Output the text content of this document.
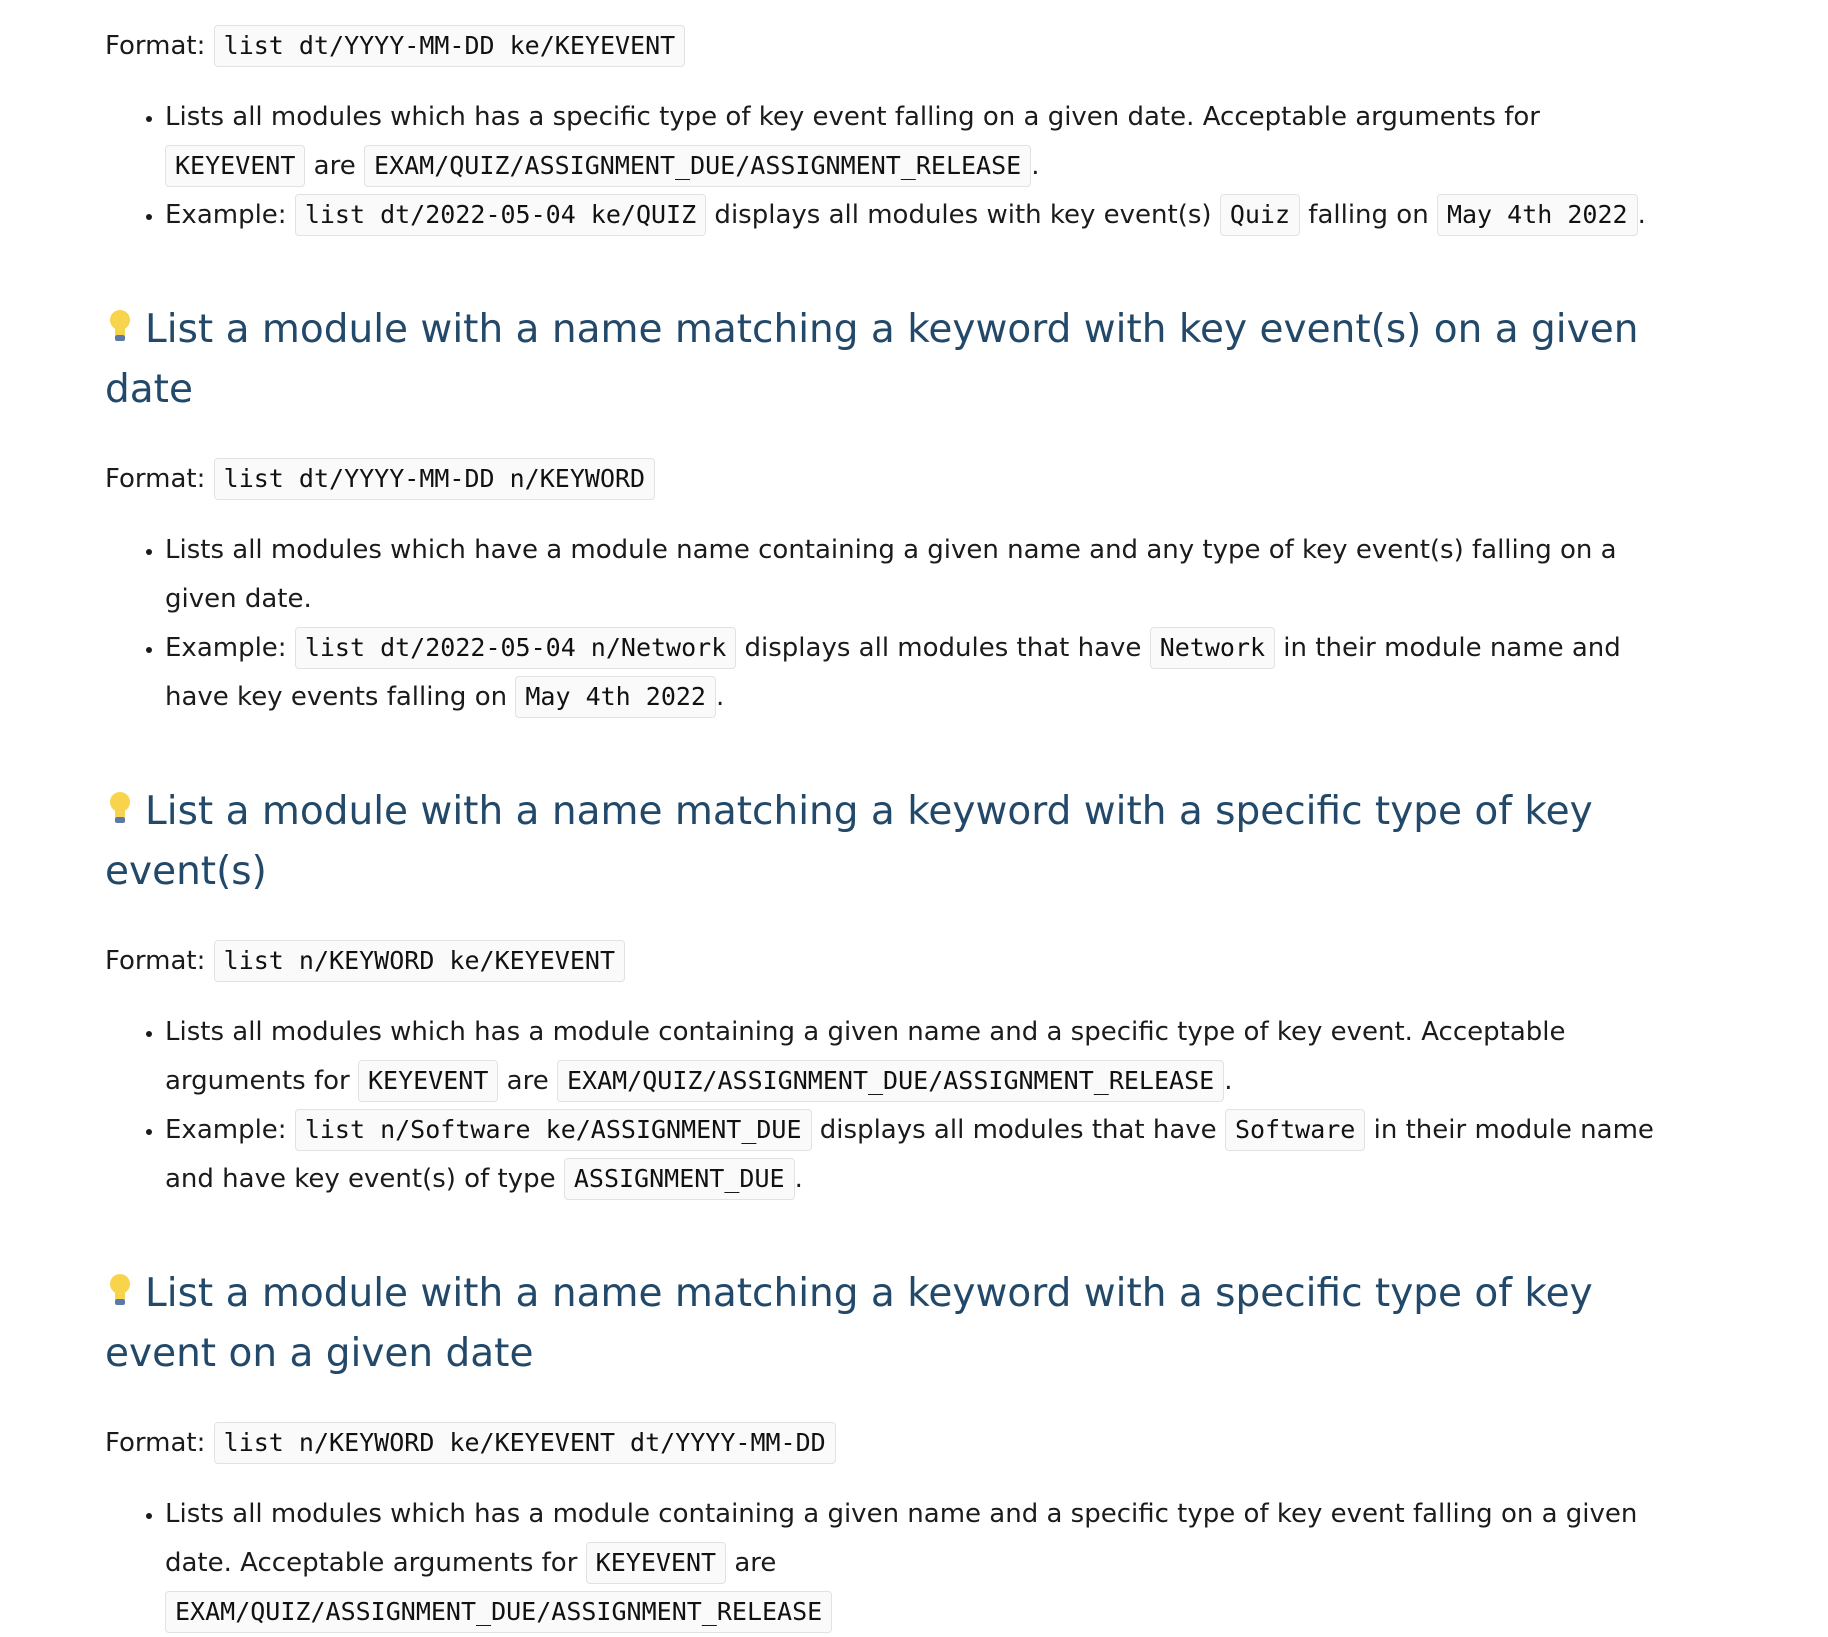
Format: list dt/YYYY-MM-DD ke/KEYEVENT

• Lists all modules which has a specific type of key event falling on a given date. Acceptable arguments for KEYEVENT are EXAM/QUIZ/ASSIGNMENT_DUE/ASSIGNMENT_RELEASE .
• Example: list dt/2022-05-04 ke/QUIZ displays all modules with key event(s) Quiz falling on May 4th 2022 .
List a module with a name matching a keyword with key event(s) on a given date

Format: list dt/YYYY-MM-DD n/KEYWORD

• Lists all modules which have a module name containing a given name and any type of key event(s) falling on a given date.
• Example: list dt/2022-05-04 n/Network displays all modules that have Network in their module name and have key events falling on May 4th 2022 .
List a module with a name matching a keyword with a specific type of key event(s)

Format: list n/KEYWORD ke/KEYEVENT

• Lists all modules which has a module containing a given name and a specific type of key event. Acceptable arguments for KEYEVENT are EXAM/QUIZ/ASSIGNMENT_DUE/ASSIGNMENT_RELEASE .
• Example: list n/Software ke/ASSIGNMENT_DUE displays all modules that have Software in their module name and have key event(s) of type ASSIGNMENT_DUE .
List a module with a name matching a keyword with a specific type of key event on a given date

Format: list n/KEYWORD ke/KEYEVENT dt/YYYY-MM-DD

• Lists all modules which has a module containing a given name and a specific type of key event falling on a given date. Acceptable arguments for KEYEVENT are
EXAM/QUIZ/ASSIGNMENT_DUE/ASSIGNMENT_RELEASE
